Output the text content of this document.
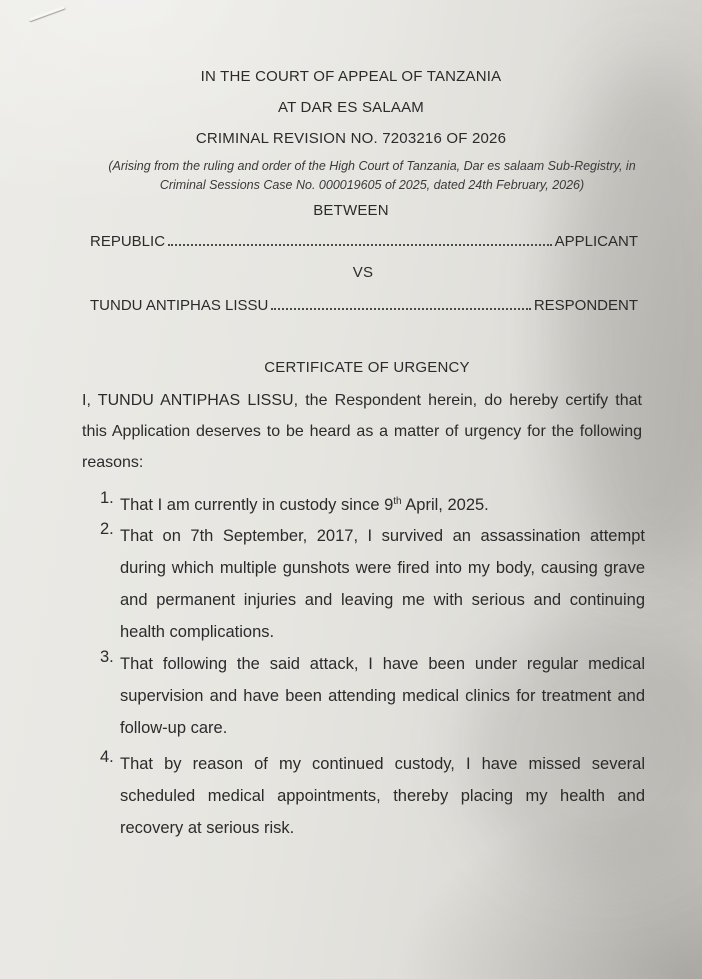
IN THE COURT OF APPEAL OF TANZANIA
AT DAR ES SALAAM
CRIMINAL REVISION NO. 7203216 OF 2026
(Arising from the ruling and order of the High Court of Tanzania, Dar es salaam Sub-Registry, in Criminal Sessions Case No. 000019605 of 2025, dated 24th February, 2026)
BETWEEN
REPUBLIC	APPLICANT
VS
TUNDU ANTIPHAS LISSU	RESPONDENT
CERTIFICATE OF URGENCY
I, TUNDU ANTIPHAS LISSU, the Respondent herein, do hereby certify that this Application deserves to be heard as a matter of urgency for the following reasons:
1. That I am currently in custody since 9th April, 2025.
2. That on 7th September, 2017, I survived an assassination attempt during which multiple gunshots were fired into my body, causing grave and permanent injuries and leaving me with serious and continuing health complications.
3. That following the said attack, I have been under regular medical supervision and have been attending medical clinics for treatment and follow-up care.
4. That by reason of my continued custody, I have missed several scheduled medical appointments, thereby placing my health and recovery at serious risk.
